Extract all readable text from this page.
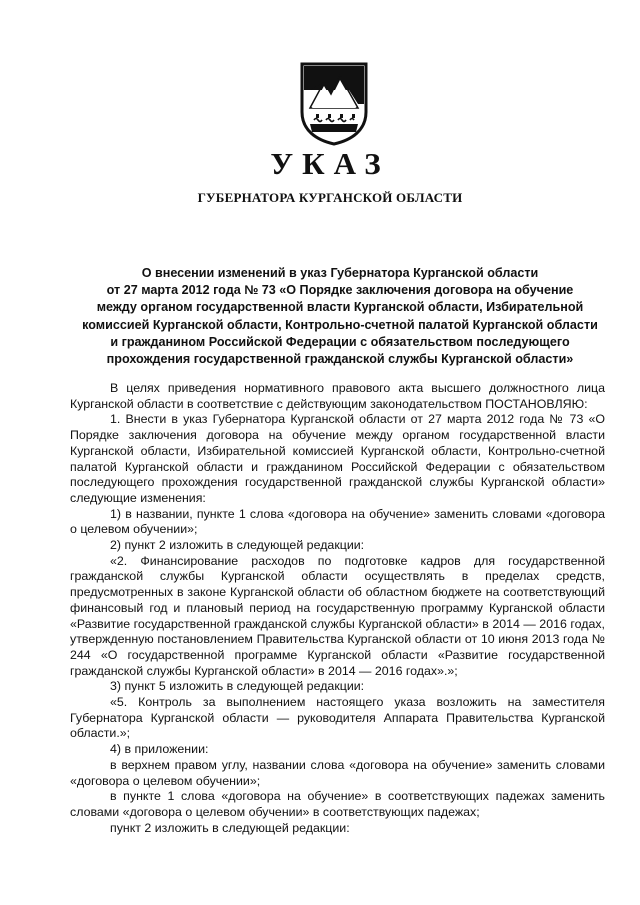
УКАЗ
ГУБЕРНАТОРА КУРГАНСКОЙ ОБЛАСТИ
О внесении изменений в указ Губернатора Курганской области
от 27 марта 2012 года № 73 «О Порядке заключения договора на обучение
между органом государственной власти Курганской области, Избирательной
комиссией Курганской области, Контрольно-счетной палатой Курганской области
и гражданином Российской Федерации с обязательством последующего
прохождения государственной гражданской службы Курганской области»

В целях приведения нормативного правового акта высшего должностного лица Курганской области в соответствие с действующим законодательством ПОСТАНОВЛЯЮ:

1. Внести в указ Губернатора Курганской области от 27 марта 2012 года № 73 «О Порядке заключения договора на обучение между органом государственной власти Курганской области, Избирательной комиссией Курганской области, Контрольно-счетной палатой Курганской области и гражданином Российской Федерации с обязательством последующего прохождения государственной гражданской службы Курганской области» следующие изменения:

1) в названии, пункте 1 слова «договора на обучение» заменить словами «договора о целевом обучении»;

2) пункт 2 изложить в следующей редакции:

«2. Финансирование расходов по подготовке кадров для государственной гражданской службы Курганской области осуществлять в пределах средств, предусмотренных в законе Курганской области об областном бюджете на соответствующий финансовый год и плановый период на государственную программу Курганской области «Развитие государственной гражданской службы Курганской области» в 2014 — 2016 годах, утвержденную постановлением Правительства Курганской области от 10 июня 2013 года № 244 «О государственной программе Курганской области «Развитие государственной гражданской службы Курганской области» в 2014 — 2016 годах».»;

3) пункт 5 изложить в следующей редакции:

«5. Контроль за выполнением настоящего указа возложить на заместителя Губернатора Курганской области — руководителя Аппарата Правительства Курганской области.»;

4) в приложении:

в верхнем правом углу, названии слова «договора на обучение» заменить словами «договора о целевом обучении»;

в пункте 1 слова «договора на обучение» в соответствующих падежах заменить словами «договора о целевом обучении» в соответствующих падежах;

пункт 2 изложить в следующей редакции:
